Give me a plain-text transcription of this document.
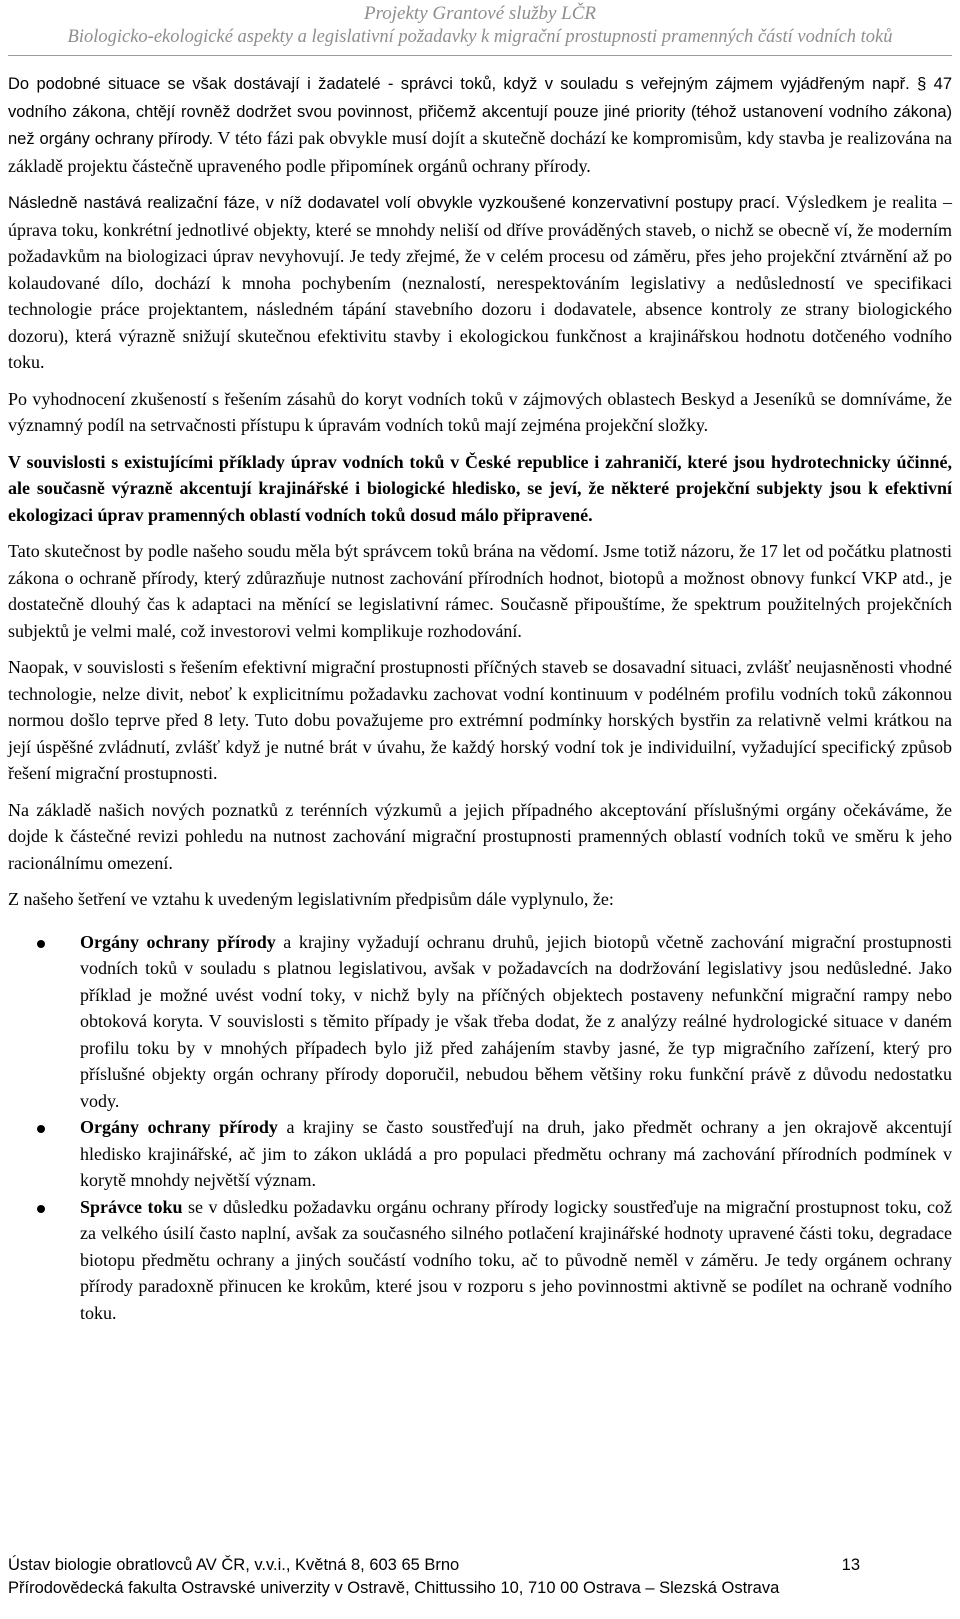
Projekty Grantové služby LČR
Biologicko-ekologické aspekty a legislativní požadavky k migrační prostupnosti pramenných částí vodních toků

Do podobné situace se však dostávají i žadatelé - správci toků, když v souladu s veřejným zájmem vyjádřeným např. § 47 vodního zákona, chtějí rovněž dodržet svou povinnost, přičemž akcentují pouze jiné priority (téhož ustanovení vodního zákona) než orgány ochrany přírody. V této fázi pak obvykle musí dojít a skutečně dochází ke kompromisům, kdy stavba je realizována na základě projektu částečně upraveného podle připomínek orgánů ochrany přírody.

Následně nastává realizační fáze, v níž dodavatel volí obvykle vyzkoušené konzervativní postupy prací. Výsledkem je realita – úprava toku, konkrétní jednotlivé objekty, které se mnohdy neliší od dříve prováděných staveb, o nichž se obecně ví, že moderním požadavkům na biologizaci úprav nevyhovují. Je tedy zřejmé, že v celém procesu od záměru, přes jeho projekční ztvárnění až po kolaudované dílo, dochází k mnoha pochybením (neznalostí, nerespektováním legislativy a nedůsledností ve specifikaci technologie práce projektantem, následném tápání stavebního dozoru i dodavatele, absence kontroly ze strany biologického dozoru), která výrazně snižují skutečnou efektivitu stavby i ekologickou funkčnost a krajinářskou hodnotu dotčeného vodního toku.

Po vyhodnocení zkušeností s řešením zásahů do koryt vodních toků v zájmových oblastech Beskyd a Jeseníků se domníváme, že významný podíl na setrvačnosti přístupu k úpravám vodních toků mají zejména projekční složky.

V souvislosti s existujícími příklady úprav vodních toků v České republice i zahraničí, které jsou hydrotechnicky účinné, ale současně výrazně akcentují krajinářské i biologické hledisko, se jeví, že některé projekční subjekty jsou k efektivní ekologizaci úprav pramenných oblastí vodních toků dosud málo připravené.

Tato skutečnost by podle našeho soudu měla být správcem toků brána na vědomí. Jsme totiž názoru, že 17 let od počátku platnosti zákona o ochraně přírody, který zdůrazňuje nutnost zachování přírodních hodnot, biotopů a možnost obnovy funkcí VKP atd., je dostatečně dlouhý čas k adaptaci na měnící se legislativní rámec. Současně připouštíme, že spektrum použitelných projekčních subjektů je velmi malé, což investorovi velmi komplikuje rozhodování.

Naopak, v souvislosti s řešením efektivní migrační prostupnosti příčných staveb se dosavadní situaci, zvlášť neujasněnosti vhodné technologie, nelze divit, neboť k explicitnímu požadavku zachovat vodní kontinuum v podélném profilu vodních toků zákonnou normou došlo teprve před 8 lety. Tuto dobu považujeme pro extrémní podmínky horských bystřin za relativně velmi krátkou na její úspěšné zvládnutí, zvlášť když je nutné brát v úvahu, že každý horský vodní tok je individuilní, vyžadující specifický způsob řešení migrační prostupnosti.

Na základě našich nových poznatků z terénních výzkumů a jejich případného akceptování příslušnými orgány očekáváme, že dojde k částečné revizi pohledu na nutnost zachování migrační prostupnosti pramenných oblastí vodních toků ve směru k jeho racionálnímu omezení.

Z našeho šetření ve vztahu k uvedeným legislativním předpisům dále vyplynulo, že:

Orgány ochrany přírody a krajiny vyžadují ochranu druhů, jejich biotopů včetně zachování migrační prostupnosti vodních toků v souladu s platnou legislativou, avšak v požadavcích na dodržování legislativy jsou nedůsledné. Jako příklad je možné uvést vodní toky, v nichž byly na příčných objektech postaveny nefunkční migrační rampy nebo obtoková koryta. V souvislosti s těmito případy je však třeba dodat, že z analýzy reálné hydrologické situace v daném profilu toku by v mnohých případech bylo již před zahájením stavby jasné, že typ migračního zařízení, který pro příslušné objekty orgán ochrany přírody doporučil, nebudou během většiny roku funkční právě z důvodu nedostatku vody.
Orgány ochrany přírody a krajiny se často soustřeďují na druh, jako předmět ochrany a jen okrajově akcentují hledisko krajinářské, ač jim to zákon ukládá a pro populaci předmětu ochrany má zachování přírodních podmínek v korytě mnohdy největší význam.
Správce toku se v důsledku požadavku orgánu ochrany přírody logicky soustřeďuje na migrační prostupnost toku, což za velkého úsilí často naplní, avšak za současného silného potlačení krajinářské hodnoty upravené části toku, degradace biotopu předmětu ochrany a jiných součástí vodního toku, ač to původně neměl v záměru. Je tedy orgánem ochrany přírody paradoxně přinucen ke krokům, které jsou v rozporu s jeho povinnostmi aktivně se podílet na ochraně vodního toku.
Ústav biologie obratlovců AV ČR, v.v.i., Květná 8, 603 65 Brno	13
Přírodovědecká fakulta Ostravské univerzity v Ostravě, Chittussiho 10, 710 00 Ostrava – Slezská Ostrava
